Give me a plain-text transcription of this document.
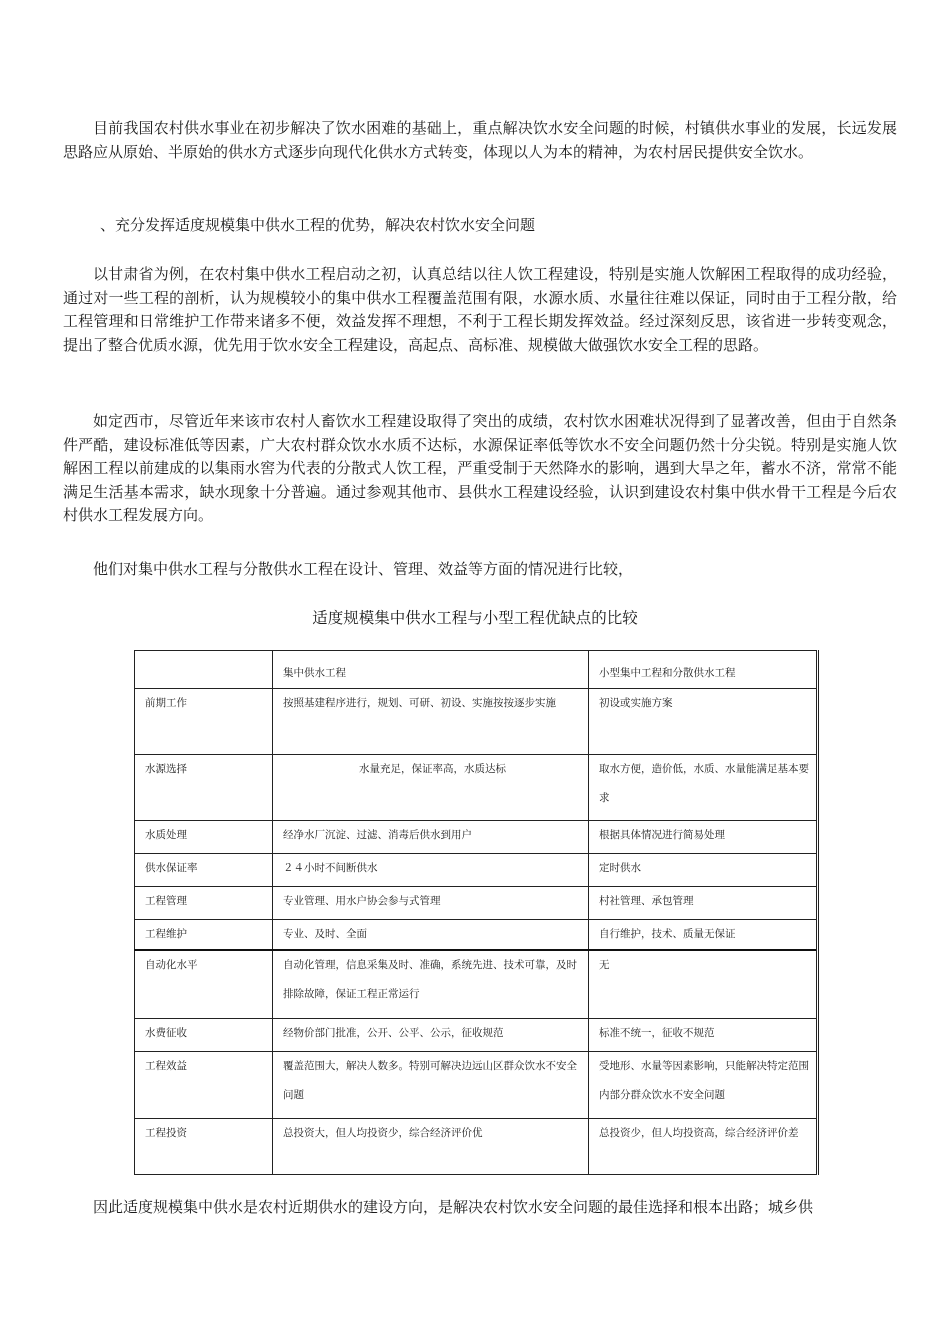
目前我国农村供水事业在初步解决了饮水困难的基础上，重点解决饮水安全问题的时候，村镇供水事业的发展，长远发展思路应从原始、半原始的供水方式逐步向现代化供水方式转变，体现以人为本的精神，为农村居民提供安全饮水。

、充分发挥适度规模集中供水工程的优势，解决农村饮水安全问题

以甘肃省为例，在农村集中供水工程启动之初，认真总结以往人饮工程建设，特别是实施人饮解困工程取得的成功经验，通过对一些工程的剖析，认为规模较小的集中供水工程覆盖范围有限，水源水质、水量往往难以保证，同时由于工程分散，给工程管理和日常维护工作带来诸多不便，效益发挥不理想，不利于工程长期发挥效益。经过深刻反思，该省进一步转变观念，提出了整合优质水源，优先用于饮水安全工程建设，高起点、高标准、规模做大做强饮水安全工程的思路。

如定西市，尽管近年来该市农村人畜饮水工程建设取得了突出的成绩，农村饮水困难状况得到了显著改善，但由于自然条件严酷，建设标准低等因素，广大农村群众饮水水质不达标，水源保证率低等饮水不安全问题仍然十分尖锐。特别是实施人饮解困工程以前建成的以集雨水窖为代表的分散式人饮工程，严重受制于天然降水的影响，遇到大旱之年，蓄水不济，常常不能满足生活基本需求，缺水现象十分普遍。通过参观其他市、县供水工程建设经验，认识到建设农村集中供水骨干工程是今后农村供水工程发展方向。

他们对集中供水工程与分散供水工程在设计、管理、效益等方面的情况进行比较，

适度规模集中供水工程与小型工程优缺点的比较

	集中供水工程	小型集中工程和分散供水工程
前期工作	按照基建程序进行，规划、可研、初设、实施按按逐步实施	初设或实施方案
水源选择	水量充足，保证率高，水质达标	取水方便，造价低，水质、水量能满足基本要求
水质处理	经净水厂沉淀、过滤、消毒后供水到用户	根据具体情况进行简易处理
供水保证率	２４小时不间断供水	定时供水
工程管理	专业管理、用水户协会参与式管理	村社管理、承包管理
工程维护	专业、及时、全面	自行维护，技术、质量无保证
自动化水平	自动化管理，信息采集及时、准确，系统先进、技术可靠，及时排除故障，保证工程正常运行	无
水费征收	经物价部门批准，公开、公平、公示，征收规范	标准不统一，征收不规范
工程效益	覆盖范围大，解决人数多。特别可解决边远山区群众饮水不安全问题	受地形、水量等因素影响，只能解决特定范围内部分群众饮水不安全问题
工程投资	总投资大，但人均投资少，综合经济评价优	总投资少，但人均投资高，综合经济评价差

因此适度规模集中供水是农村近期供水的建设方向，是解决农村饮水安全问题的最佳选择和根本出路；城乡供
